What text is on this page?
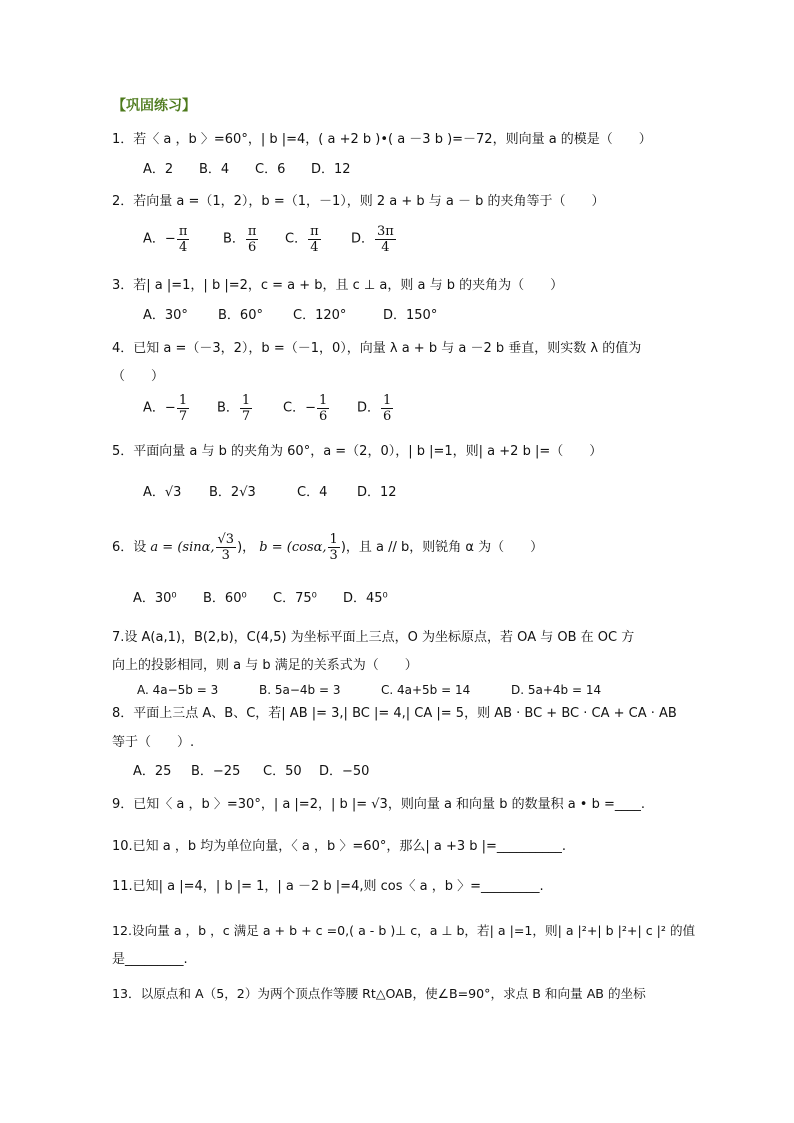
【巩固练习】
1．若〈 a ，b 〉=60°，| b |=4，( a +2 b )•( a －3 b )=－72，则向量 a 的模是（　　）
A．2 B．4 C．6 D．12
2．若向量 a =（1，2），b =（1，－1），则 2 a + b 与 a － b 的夹角等于（　　）
A．− $\frac{\pi}{4}$	B． $\frac{\pi}{6}$ C． $\frac{\pi}{4}$ D． $\frac{3\pi}{4}$
3．若| a |=1，| b |=2，c = a + b，且 c ⊥ a，则 a 与 b 的夹角为（　　）
A．30° B．60° C．120°	D．150°
4．已知 a =（－3，2），b =（－1，0），向量 λ a + b 与 a －2 b 垂直，则实数 λ 的值为
（　　）
A．− $\frac{1}{7}$ B． $\frac{1}{7}$ C．− $\frac{1}{6}$ D． $\frac{1}{6}$
5．平面向量 a 与 b 的夹角为 60°，a =（2，0），| b |=1，则| a +2 b |=（　　）
A．√3 B．2√3	C．4 D．12
6．设 a = (sinα, $\frac{√3}{3}$ )， b = (cosα, $\frac{1}{3}$ )，且 a // b，则锐角 α 为（　　）
A．30⁰ B．60⁰ C．75⁰ D．45⁰
7.设 A(a,1)，B(2,b)，C(4,5) 为坐标平面上三点，O 为坐标原点，若 OA 与 OB 在 OC 方
向上的投影相同，则 a 与 b 满足的关系式为（　　）
A. 4a−5b = 3	B. 5a−4b = 3	C. 4a+5b = 14	D. 5a+4b = 14
8．平面上三点 A、B、C，若| AB |= 3,| BC |= 4,| CA |= 5，则 AB · BC + BC · CA + CA · AB
等于（　　）.
A．25 B．−25 C．50 D．−50
9．已知〈 a ，b 〉=30°，| a |=2，| b |= √3，则向量 a 和向量 b 的数量积 a • b =____.
10.已知 a ，b 均为单位向量，〈 a ，b 〉=60°，那么| a +3 b |=__________.
11.已知| a |=4，| b |= 1，| a －2 b |=4,则 cos〈 a ，b 〉=_________.
12.设向量 a ，b ，c 满足 a + b + c =0,( a - b )⊥ c，a ⊥ b，若| a |=1，则| a |²+| b |²+| c |² 的值
是_________.
13．以原点和 A（5，2）为两个顶点作等腰 Rt△OAB，使∠B=90°，求点 B 和向量 AB 的坐标
